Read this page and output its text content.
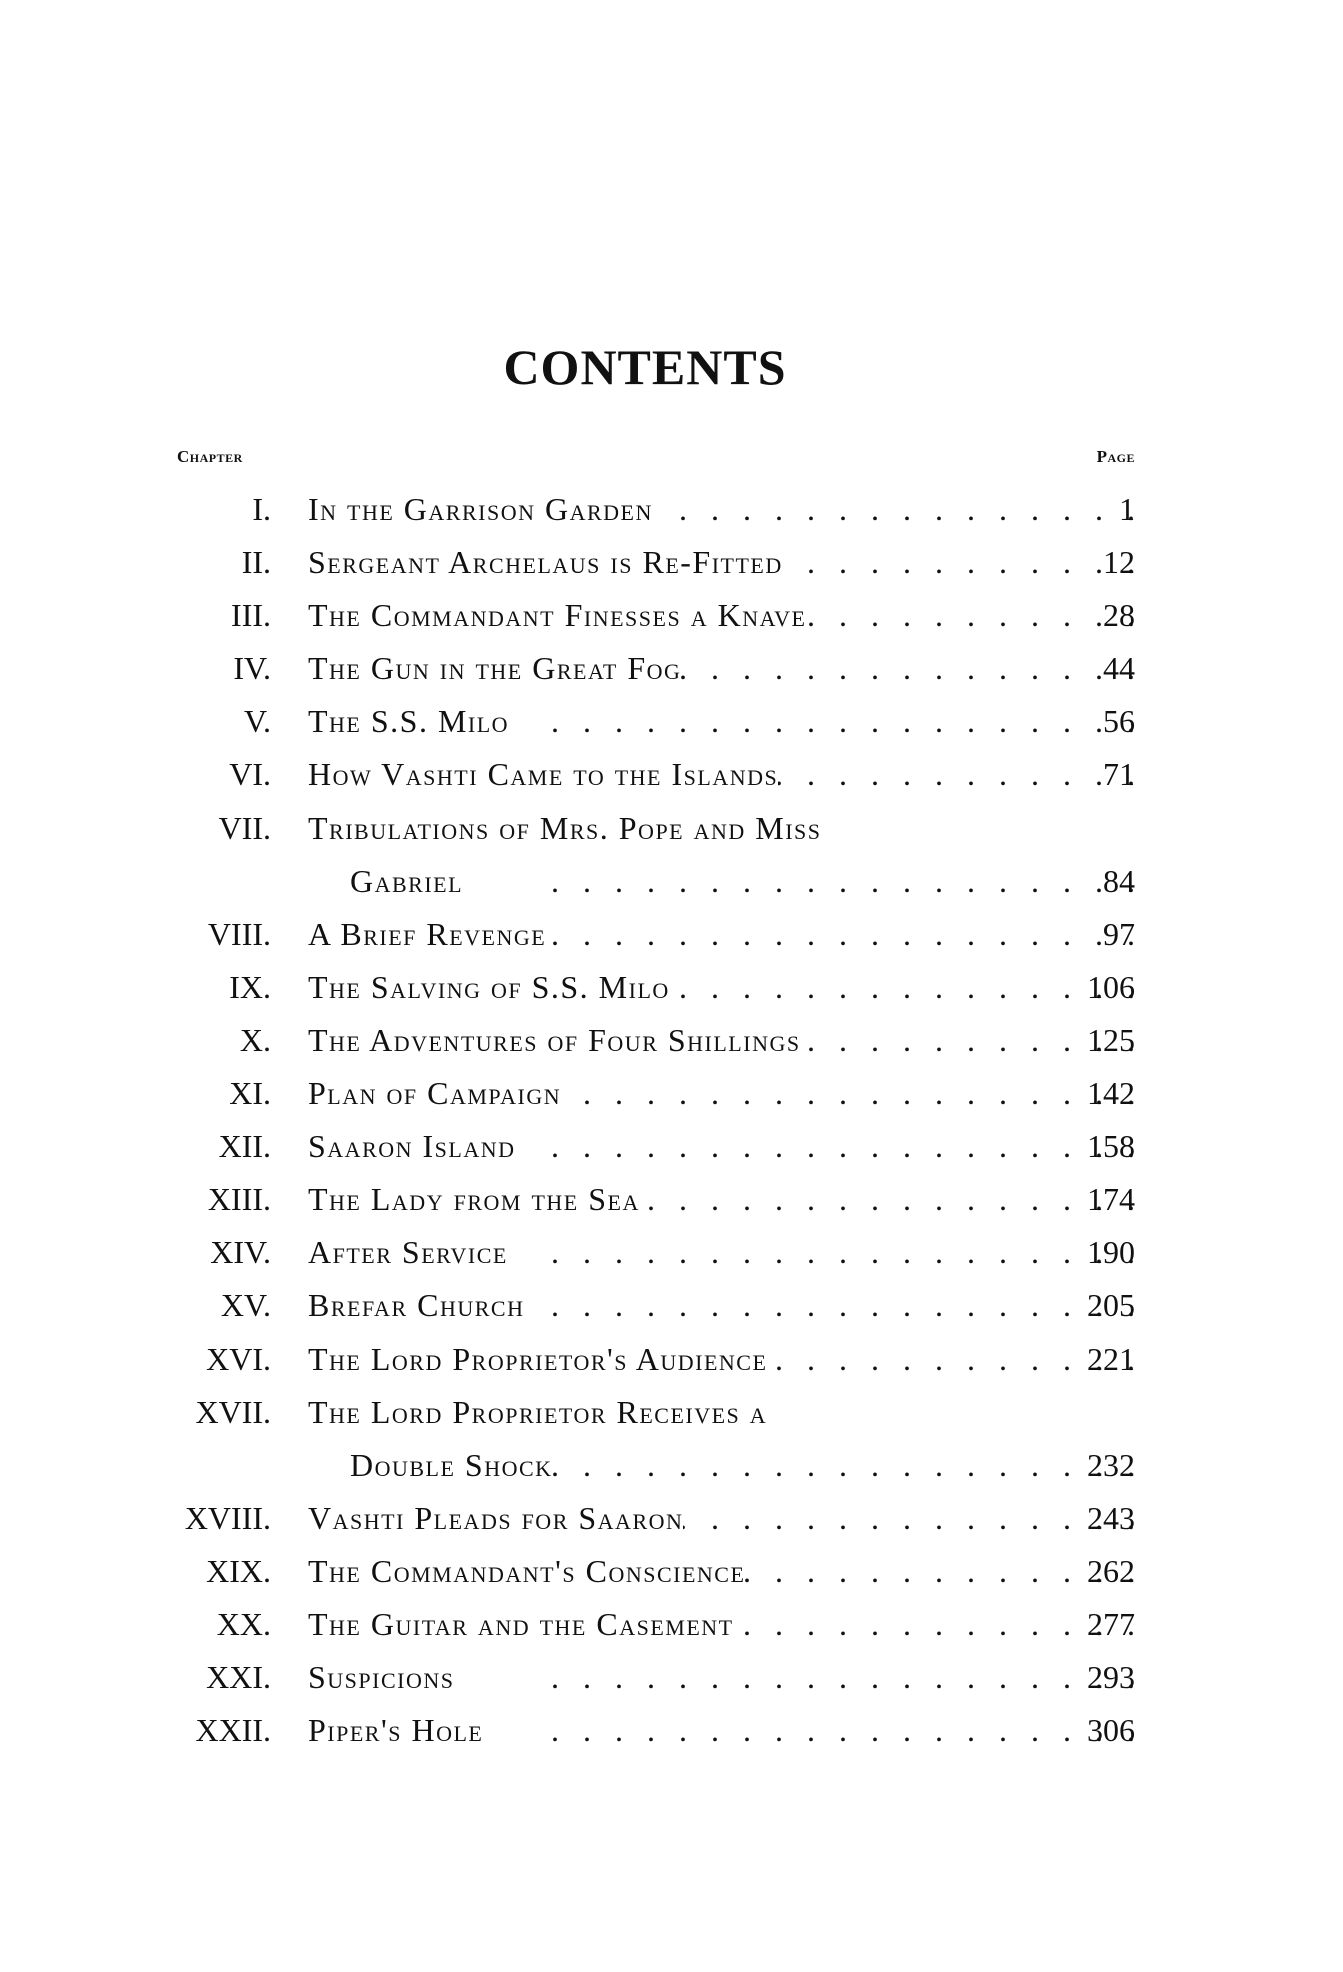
CONTENTS
Chapter	Page
I. In the Garrison Garden .   .	1
II. Sergeant Archelaus is Re-Fitted .   .	12
III. The Commandant Finesses a Knave .   .	28
IV. The Gun in the Great Fog .   .	44
V. The S.S. Milo .   .	56
VI. How Vashti Came to the Islands .   .	71
VII. Tribulations of Mrs. Pope and Miss
Gabriel .   .	84
VIII. A Brief Revenge .   .	97
IX. The Salving of S.S. Milo .   .	106
X. The Adventures of Four Shillings .   .	125
XI. Plan of Campaign .   .	142
XII. Saaron Island .   .	158
XIII. The Lady from the Sea .   .	174
XIV. After Service .   .	190
XV. Brefar Church .   .	205
XVI. The Lord Proprietor's Audience .   .	221
XVII. The Lord Proprietor Receives a
Double Shock .   .	232
XVIII. Vashti Pleads for Saaron .   .	243
XIX. The Commandant's Conscience .   .	262
XX. The Guitar and the Casement .   .	277
XXI. Suspicions .   .	293
XXII. Piper's Hole .   .	306
